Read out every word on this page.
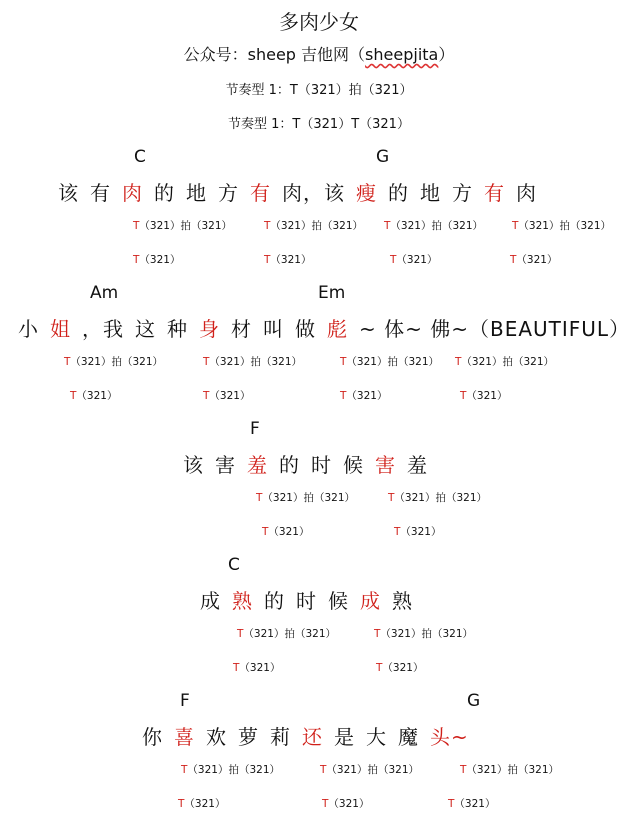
多肉少女
公众号：sheep 吉他网（sheepjita）
节奏型 1：T（321）拍（321）
节奏型 1：T（321）T（321）
C	G
该 有 肉 的 地 方 有 肉，该 瘦 的 地 方 有 肉
T（321）拍（321）	T（321）拍（321） T（321）拍（321）	T（321）拍（321）
T（321）	T（321）	T（321）	T（321）
Am	Em
小 姐 ，我 这 种 身 材 叫 做 彪 ~ 体~ 佛~（BEAUTIFUL）
T（321）拍（321）	T（321）拍（321）	T（321）拍（321） T（321）拍（321）
T（321）	T（321）	T（321）	T（321）
F
该 害 羞 的 时 候 害 羞
T（321）拍（321）	T（321）拍（321）
T（321）	T（321）
C
成 熟 的 时 候 成 熟
T（321）拍（321）	T（321）拍（321）
T（321）	T（321）
F	G
你 喜 欢 萝 莉 还 是 大 魔 头~
T（321）拍（321）	T（321）拍（321）	T（321）拍（321）
T（321）	T（321）	T（321）
